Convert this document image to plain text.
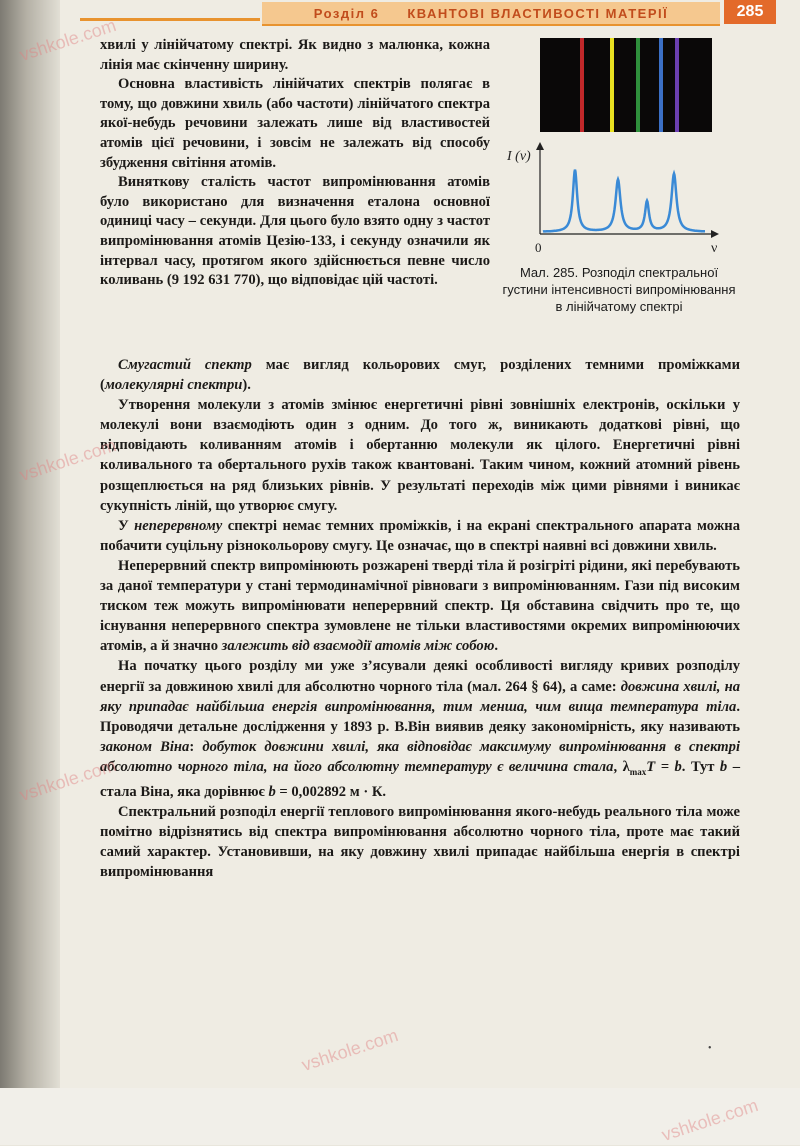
Розділ 6 КВАНТОВІ ВЛАСТИВОСТІ МАТЕРІЇ	285
I (ν)
0	ν
Мал. 285. Розподіл спектральної густини інтенсивності випромінювання в лінійчатому спектрі

хвилі у лінійчатому спектрі. Як видно з малюнка, кожна лінія має скінченну ширину.

Основна властивість лінійчатих спектрів полягає в тому, що довжини хвиль (або частоти) лінійчатого спектра якої-небудь речовини залежать лише від властивостей атомів цієї речовини, і зовсім не залежать від способу збудження світіння атомів.

Виняткову сталість частот випромінювання атомів було використано для визначення еталона основної одиниці часу – секунди. Для цього було взято одну з частот випромінювання атомів Цезію-133, і секунду означили як інтервал часу, протягом якого здійснюється певне число коливань (9 192 631 770), що відповідає цій частоті.

Смугастий спектр має вигляд кольорових смуг, розділених темними проміжками (молекулярні спектри).

Утворення молекули з атомів змінює енергетичні рівні зовнішніх електронів, оскільки у молекулі вони взаємодіють один з одним. До того ж, виникають додаткові рівні, що відповідають коливанням атомів і обертанню молекули як цілого. Енергетичні рівні коливального та обертального рухів також квантовані. Таким чином, кожний атомний рівень розщеплюється на ряд близьких рівнів. У результаті переходів між цими рівнями і виникає сукупність ліній, що утворює смугу.

У неперервному спектрі немає темних проміжків, і на екрані спектрального апарата можна побачити суцільну різнокольорову смугу. Це означає, що в спектрі наявні всі довжини хвиль.

Неперервний спектр випромінюють розжарені тверді тіла й розігріті рідини, які перебувають за даної температури у стані термодинамічної рівноваги з випромінюванням. Гази під високим тиском теж можуть випромінювати неперервний спектр. Ця обставина свідчить про те, що існування неперервного спектра зумовлене не тільки властивостями окремих випромінюючих атомів, а й значно залежить від взаємодії атомів між собою.

На початку цього розділу ми уже з’ясували деякі особливості вигляду кривих розподілу енергії за довжиною хвилі для абсолютно чорного тіла (мал. 264 § 64), а саме: довжина хвилі, на яку припадає найбільша енергія випромінювання, тим менша, чим вища температура тіла. Проводячи детальне дослідження у 1893 р. В.Він виявив деяку закономірність, яку називають законом Віна: добуток довжини хвилі, яка відповідає максимуму випромінювання в спектрі абсолютно чорного тіла, на його абсолютну температуру є величина стала, $\lambda_{max}T = b$. Тут b – стала Віна, яка дорівнює b = 0,002892 м · К.

Спектральний розподіл енергії теплового випромінювання якого-небудь реального тіла може помітно відрізнятись від спектра випромінювання абсолютно чорного тіла, проте має такий самий характер. Установивши, на яку довжину хвилі припадає найбільша енергія в спектрі випромінювання

•
vshkole.com
vshkole.com
vshkole.com
vshkole.com
vshkole.com
